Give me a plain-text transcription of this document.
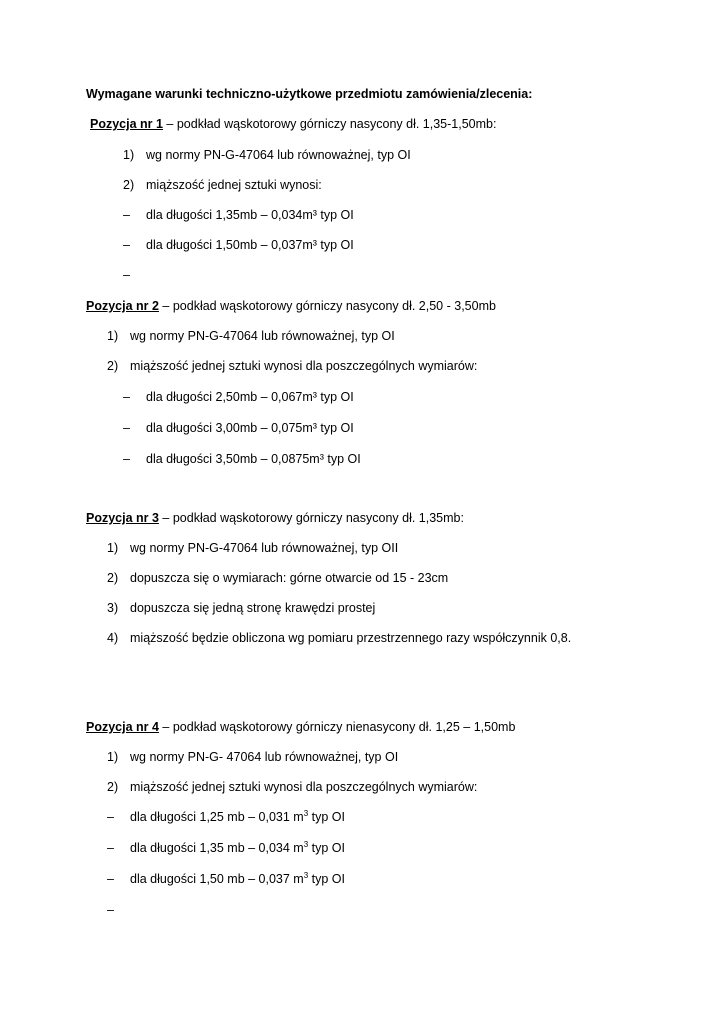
Wymagane warunki techniczno-użytkowe przedmiotu zamówienia/zlecenia:
Pozycja nr 1 – podkład wąskotorowy górniczy nasycony dł. 1,35-1,50mb:
1) wg normy PN-G-47064 lub równoważnej, typ OI
2) miąższość jednej sztuki wynosi:
– dla długości 1,35mb – 0,034m³ typ OI
– dla długości 1,50mb – 0,037m³ typ OI
–
Pozycja nr 2 – podkład wąskotorowy górniczy nasycony dł. 2,50 - 3,50mb
1) wg normy PN-G-47064 lub równoważnej, typ OI
2) miąższość jednej sztuki wynosi dla poszczególnych wymiarów:
– dla długości 2,50mb – 0,067m³ typ OI
– dla długości 3,00mb – 0,075m³ typ OI
– dla długości 3,50mb – 0,0875m³ typ OI
Pozycja nr 3 – podkład wąskotorowy górniczy nasycony dł. 1,35mb:
1) wg normy PN-G-47064 lub równoważnej, typ OII
2) dopuszcza się o wymiarach: górne otwarcie od 15 - 23cm
3) dopuszcza się jedną stronę krawędzi prostej
4) miąższość będzie obliczona wg pomiaru przestrzennego razy współczynnik 0,8.
Pozycja nr 4 – podkład wąskotorowy górniczy nienasycony dł. 1,25 – 1,50mb
1) wg normy PN-G- 47064 lub równoważnej, typ OI
2) miąższość jednej sztuki wynosi dla poszczególnych wymiarów:
– dla długości 1,25 mb – 0,031 $m^3$ typ OI
– dla długości 1,35 mb – 0,034 $m^3$ typ OI
– dla długości 1,50 mb – 0,037 $m^3$ typ OI
–
